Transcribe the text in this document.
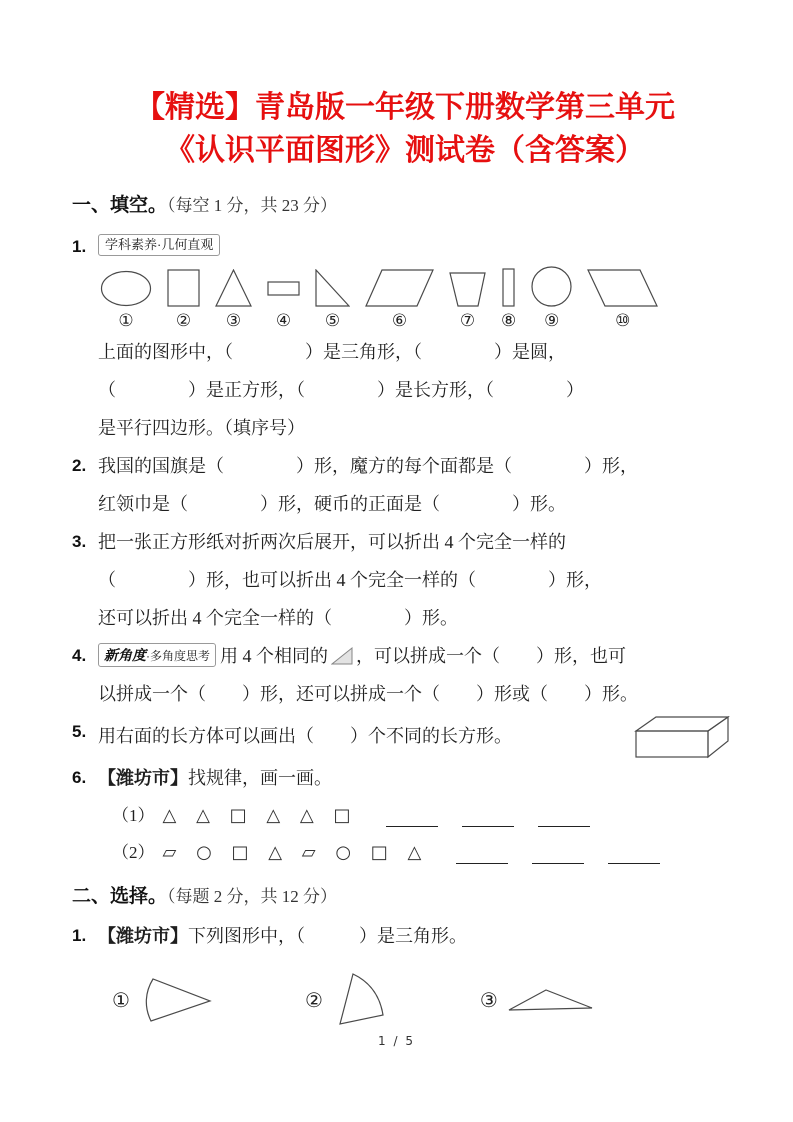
【精选】青岛版一年级下册数学第三单元
《认识平面图形》测试卷（含答案）
一、填空。（每空 1 分，共 23 分）
1.	学科素养·几何直观
① ② ③ ④ ⑤	⑥	⑦ ⑧ ⑨	⑩
上面的图形中，（　　　　）是三角形，（　　　　）是圆，
（　　　　）是正方形，（　　　　）是长方形，（　　　　）
是平行四边形。（填序号）
2. 我国的国旗是（　　　　）形，魔方的每个面都是（　　　　）形，
红领巾是（　　　　）形，硬币的正面是（　　　　）形。
3. 把一张正方形纸对折两次后展开，可以折出 4 个完全一样的
（　　　　）形，也可以折出 4 个完全一样的（　　　　）形，
还可以折出 4 个完全一样的（　　　　）形。
4.	新角度·多角度思考 用 4 个相同的 ，可以拼成一个（　　）形，也可
以拼成一个（　　）形，还可以拼成一个（　　）形或（　　）形。
5. 用右面的长方体可以画出（　　）个不同的长方形。
6. 【潍坊市】找规律，画一画。
（1） △ △ □ △ △ □
（2） ▱ ○ □ △ ▱ ○ □ △
二、选择。（每题 2 分，共 12 分）
1. 【潍坊市】下列图形中，（　　　）是三角形。
①	②	③
1 / 5
